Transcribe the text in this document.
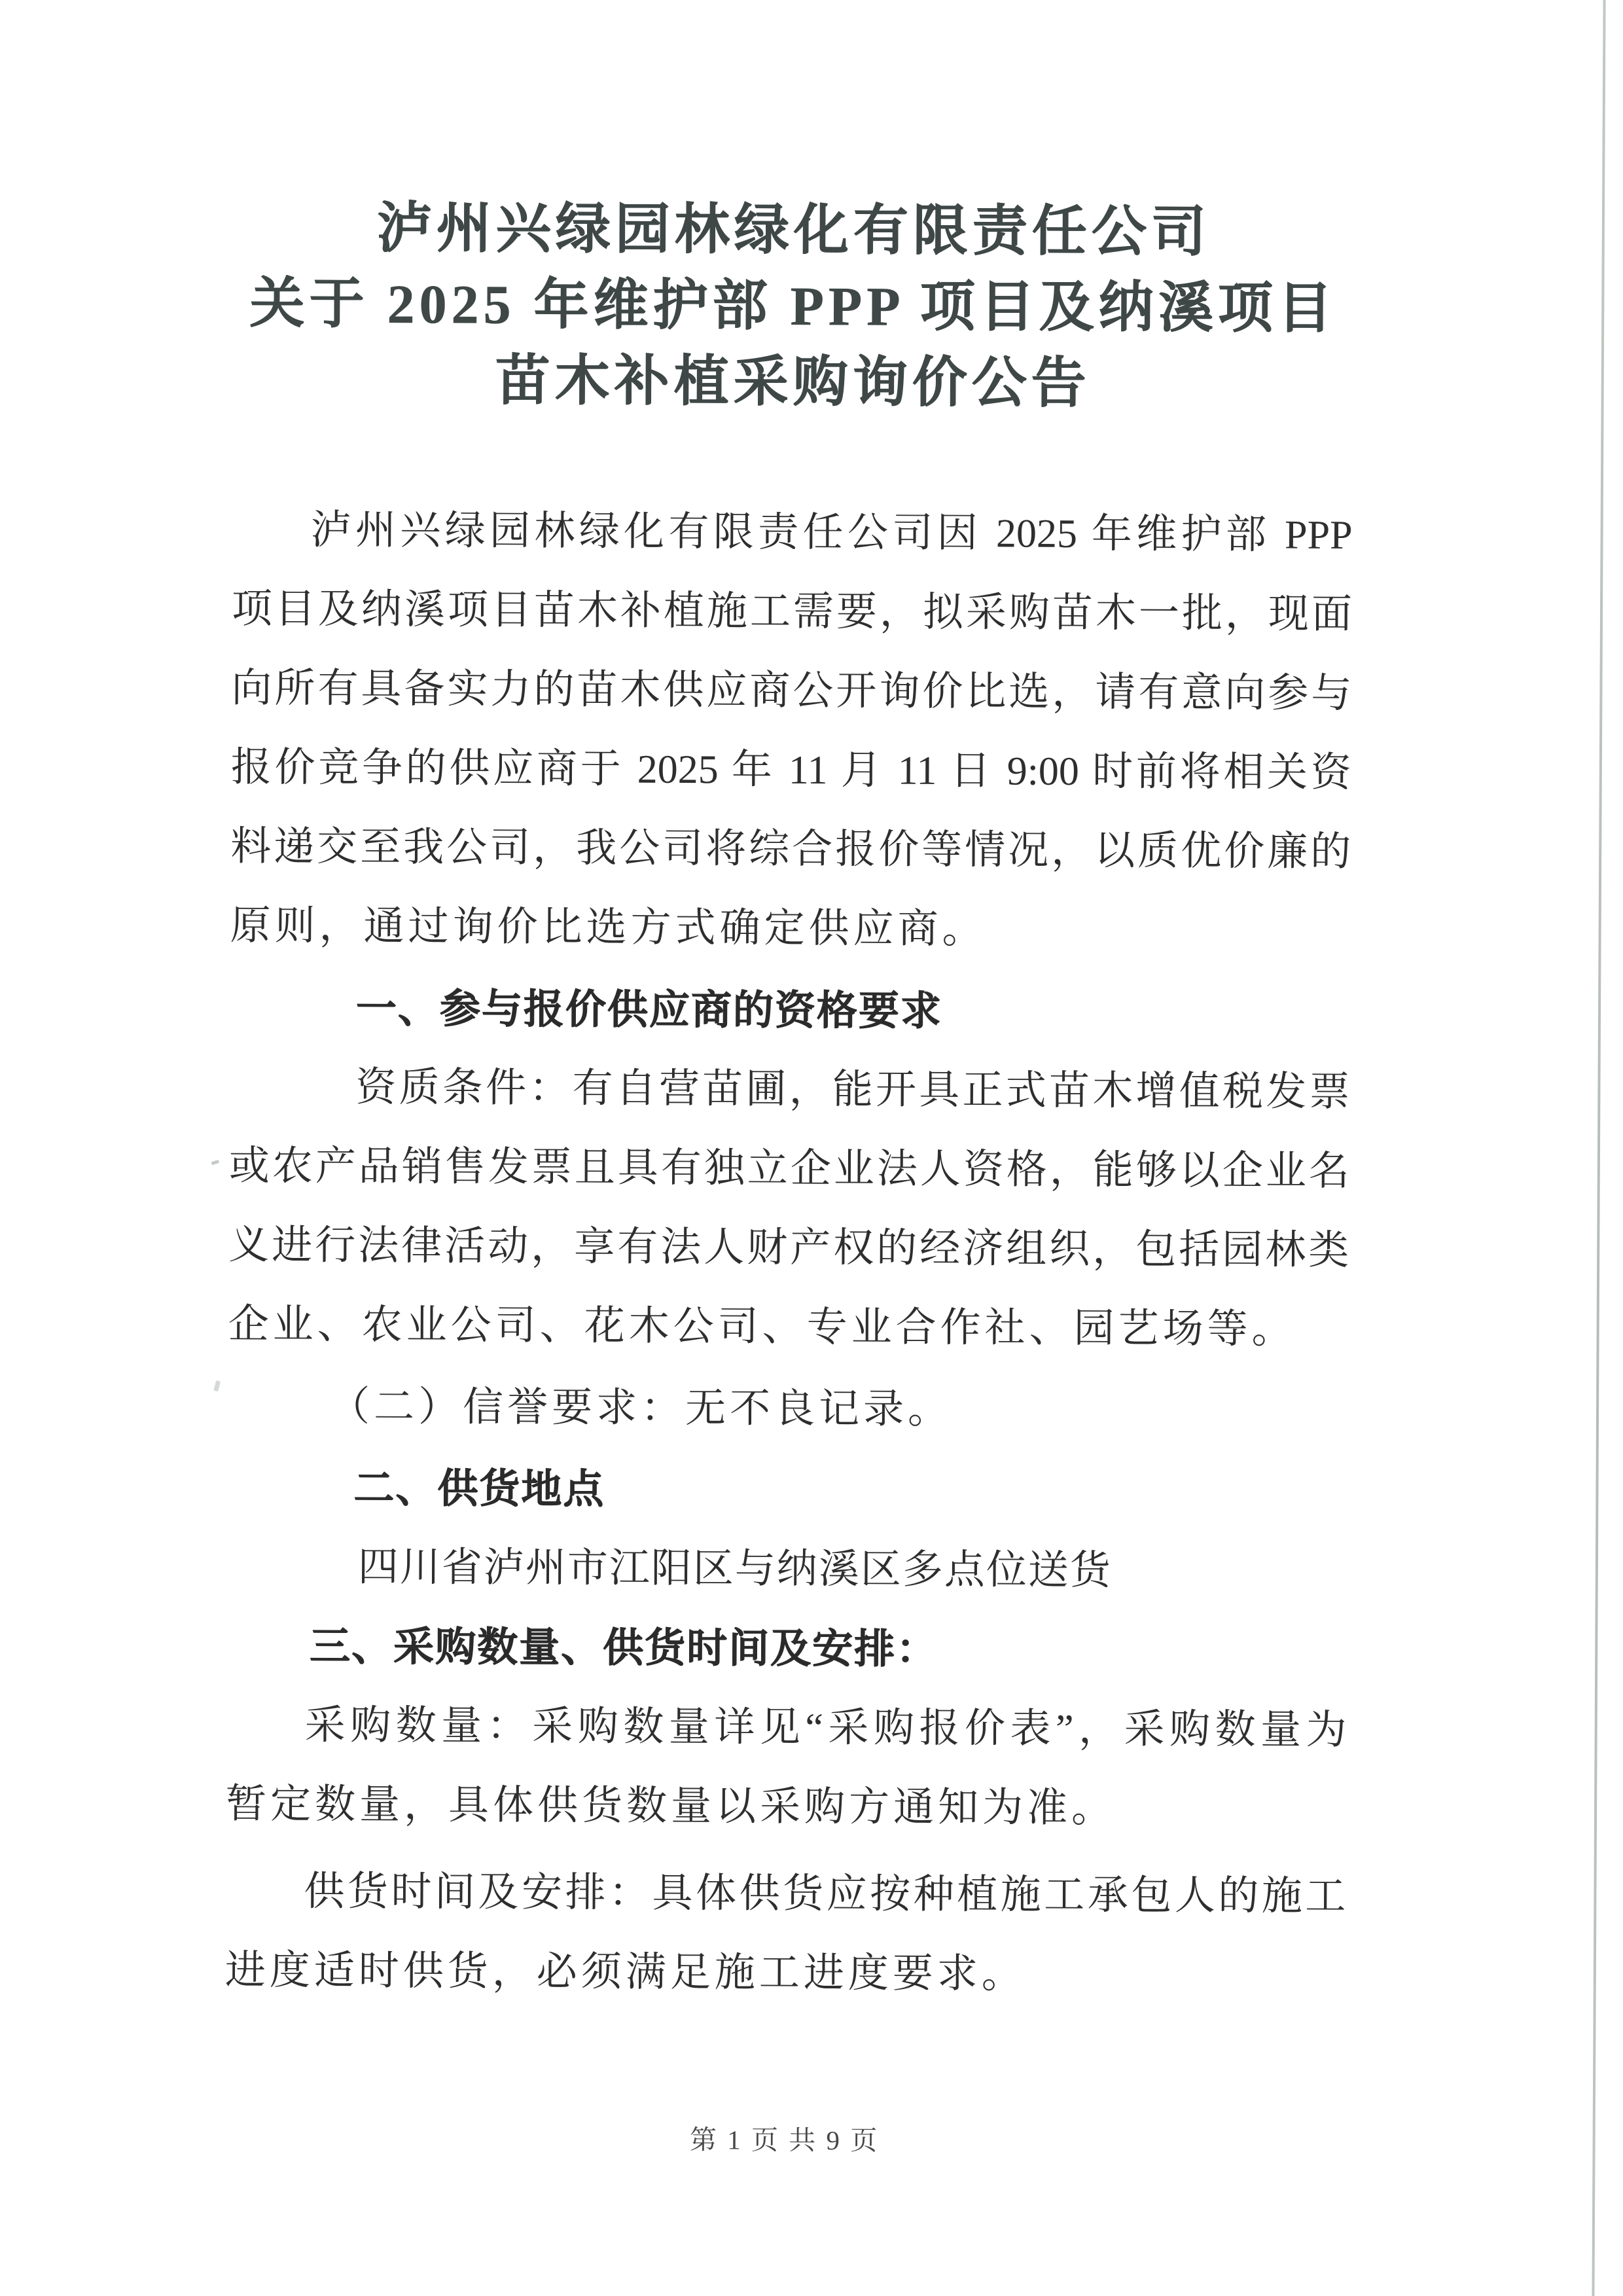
泸州兴绿园林绿化有限责任公司
关于 2025 年维护部 PPP 项目及纳溪项目
苗木补植采购询价公告
泸州兴绿园林绿化有限责任公司因 2025 年维护部 PPP
项目及纳溪项目苗木补植施工需要，拟采购苗木一批，现面
向所有具备实力的苗木供应商公开询价比选，请有意向参与
报价竞争的供应商于 2025 年 11 月 11 日 9:00 时前将相关资
料递交至我公司，我公司将综合报价等情况，以质优价廉的
原则，通过询价比选方式确定供应商。
一、参与报价供应商的资格要求
资质条件：有自营苗圃，能开具正式苗木增值税发票
或农产品销售发票且具有独立企业法人资格，能够以企业名
义进行法律活动，享有法人财产权的经济组织，包括园林类
企业、农业公司、花木公司、专业合作社、园艺场等。
（二）信誉要求：无不良记录。
二、供货地点
四川省泸州市江阳区与纳溪区多点位送货
三、采购数量、供货时间及安排：
采购数量：采购数量详见“采购报价表”，采购数量为
暂定数量，具体供货数量以采购方通知为准。
供货时间及安排：具体供货应按种植施工承包人的施工
进度适时供货，必须满足施工进度要求。
第 1 页 共 9 页
